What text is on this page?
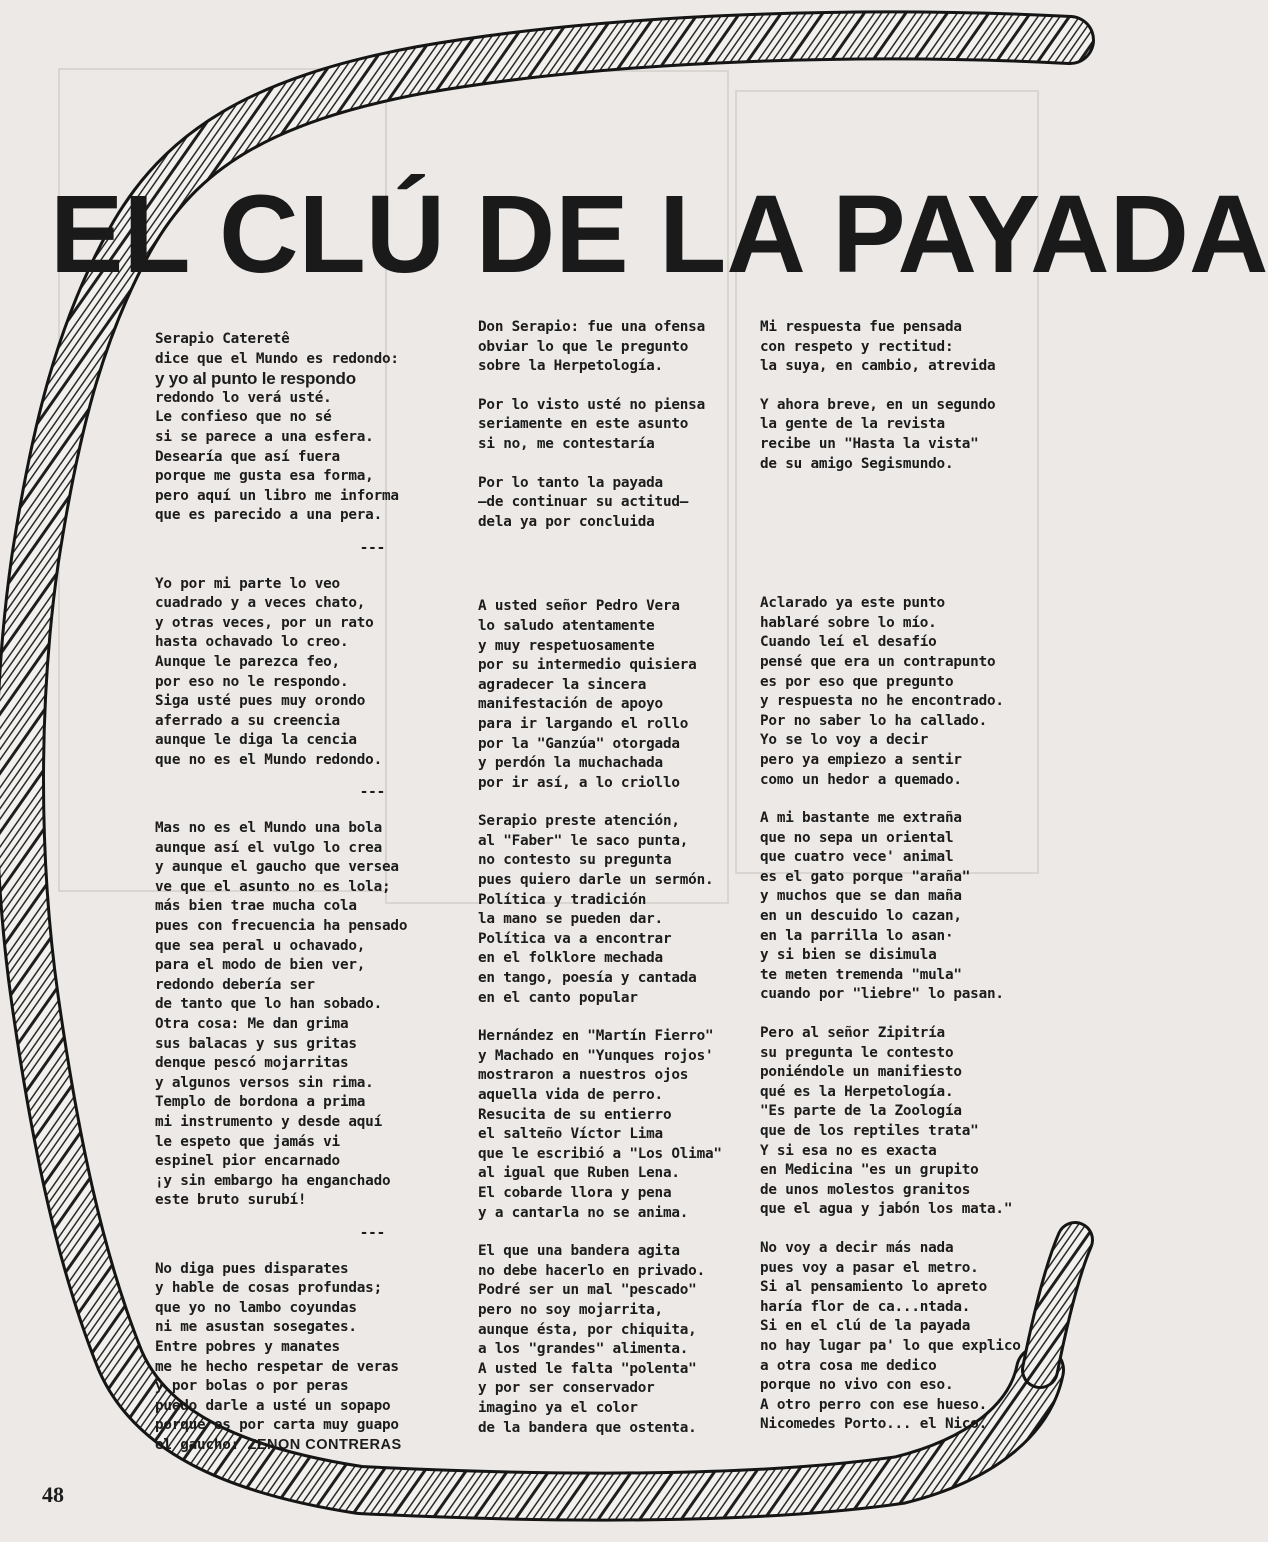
EL CLÚ DE LA PAYADA
Serapio Cateretê
dice que el Mundo es redondo:
y yo al punto le respondo
redondo lo verá usté.
Le confieso que no sé
si se parece a una esfera.
Desearía que así fuera
porque me gusta esa forma,
pero aquí un libro me informa
que es parecido a una pera.
---
Yo por mi parte lo veo
cuadrado y a veces chato,
y otras veces, por un rato
hasta ochavado lo creo.
Aunque le parezca feo,
por eso no le respondo.
Siga usté pues muy orondo
aferrado a su creencia
aunque le diga la cencia
que no es el Mundo redondo.
---
Mas no es el Mundo una bola
aunque así el vulgo lo crea
y aunque el gaucho que versea
ve que el asunto no es lola;
más bien trae mucha cola
pues con frecuencia ha pensado
que sea peral u ochavado,
para el modo de bien ver,
redondo debería ser
de tanto que lo han sobado.
Otra cosa: Me dan grima
sus balacas y sus gritas
denque pescó mojarritas
y algunos versos sin rima.
Templo de bordona a prima
mi instrumento y desde aquí
le espeto que jamás vi
espinel pior encarnado
¡y sin embargo ha enganchado
este bruto surubí!
---
No diga pues disparates
y hable de cosas profundas;
que yo no lambo coyundas
ni me asustan sosegates.
Entre pobres y manates
me he hecho respetar de veras
y por bolas o por peras
puedo darle a usté un sopapo
porque es por carta muy guapo
el gaucho: ZENON CONTRERAS
Don Serapio: fue una ofensa
obviar lo que le pregunto
sobre la Herpetología.
Por lo visto usté no piensa
seriamente en este asunto
si no, me contestaría
Por lo tanto la payada
—de continuar su actitud—
dela ya por concluida
A usted señor Pedro Vera
lo saludo atentamente
y muy respetuosamente
por su intermedio quisiera
agradecer la sincera
manifestación de apoyo
para ir largando el rollo
por la "Ganzúa" otorgada
y perdón la muchachada
por ir así, a lo criollo
Serapio preste atención,
al "Faber" le saco punta,
no contesto su pregunta
pues quiero darle un sermón.
Política y tradición
la mano se pueden dar.
Política va a encontrar
en el folklore mechada
en tango, poesía y cantada
en el canto popular
Hernández en "Martín Fierro"
y Machado en "Yunques rojos'
mostraron a nuestros ojos
aquella vida de perro.
Resucita de su entierro
el salteño Víctor Lima
que le escribió a "Los Olima"
al igual que Ruben Lena.
El cobarde llora y pena
y a cantarla no se anima.
El que una bandera agita
no debe hacerlo en privado.
Podré ser un mal "pescado"
pero no soy mojarrita,
aunque ésta, por chiquita,
a los "grandes" alimenta.
A usted le falta "polenta"
y por ser conservador
imagino ya el color
de la bandera que ostenta.
Mi respuesta fue pensada
con respeto y rectitud:
la suya, en cambio, atrevida
Y ahora breve, en un segundo
la gente de la revista
recibe un "Hasta la vista"
de su amigo Segismundo.
Aclarado ya este punto
hablaré sobre lo mío.
Cuando leí el desafío
pensé que era un contrapunto
es por eso que pregunto
y respuesta no he encontrado.
Por no saber lo ha callado.
Yo se lo voy a decir
pero ya empiezo a sentir
como un hedor a quemado.
A mi bastante me extraña
que no sepa un oriental
que cuatro vece' animal
es el gato porque "araña"
y muchos que se dan maña
en un descuido lo cazan,
en la parrilla lo asan·
y si bien se disimula
te meten tremenda "mula"
cuando por "liebre" lo pasan.
Pero al señor Zipitría
su pregunta le contesto
poniéndole un manifiesto
qué es la Herpetología.
"Es parte de la Zoología
que de los reptiles trata"
Y si esa no es exacta
en Medicina "es un grupito
de unos molestos granitos
que el agua y jabón los mata."
No voy a decir más nada
pues voy a pasar el metro.
Si al pensamiento lo apreto
haría flor de ca...ntada.
Si en el clú de la payada
no hay lugar pa' lo que explico
a otra cosa me dedico
porque no vivo con eso.
A otro perro con ese hueso.
Nicomedes Porto... el Nico.
48
